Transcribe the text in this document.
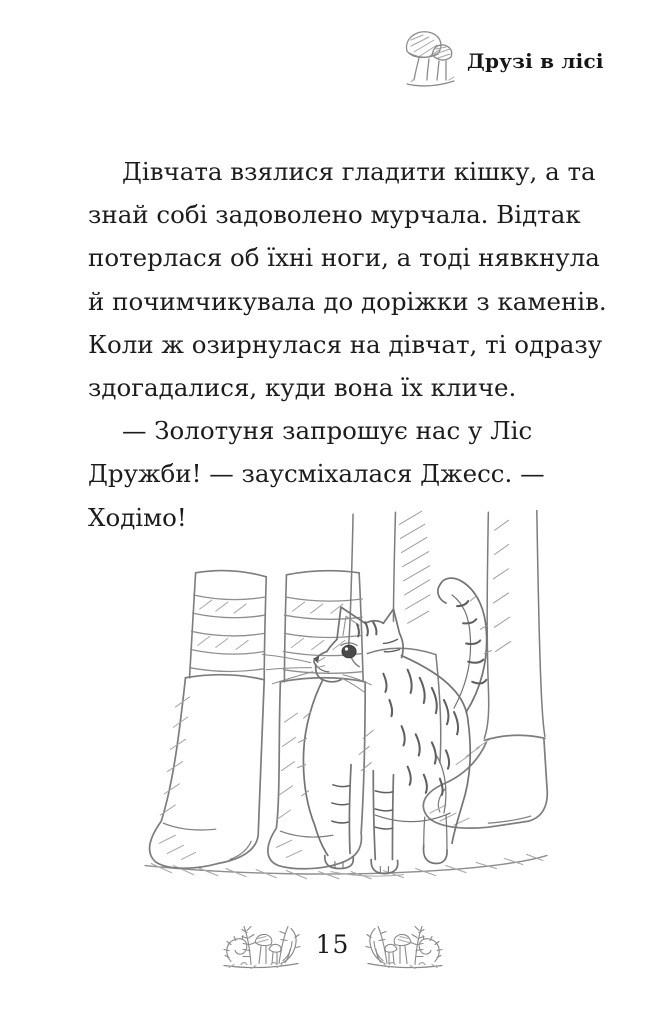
Друзі в лісі
Дівчата взялися гладити кішку, а та
знай собі задоволено мурчала. Відтак
потерлася об їхні ноги, а тоді нявкнула
й почимчикувала до доріжки з каменів.
Коли ж озирнулася на дівчат, ті одразу
здогадалися, куди вона їх кличе.
— Золотуня запрошує нас у Ліс
Дружби! — заусміхалася Джесс. —
Ходімо!
15
